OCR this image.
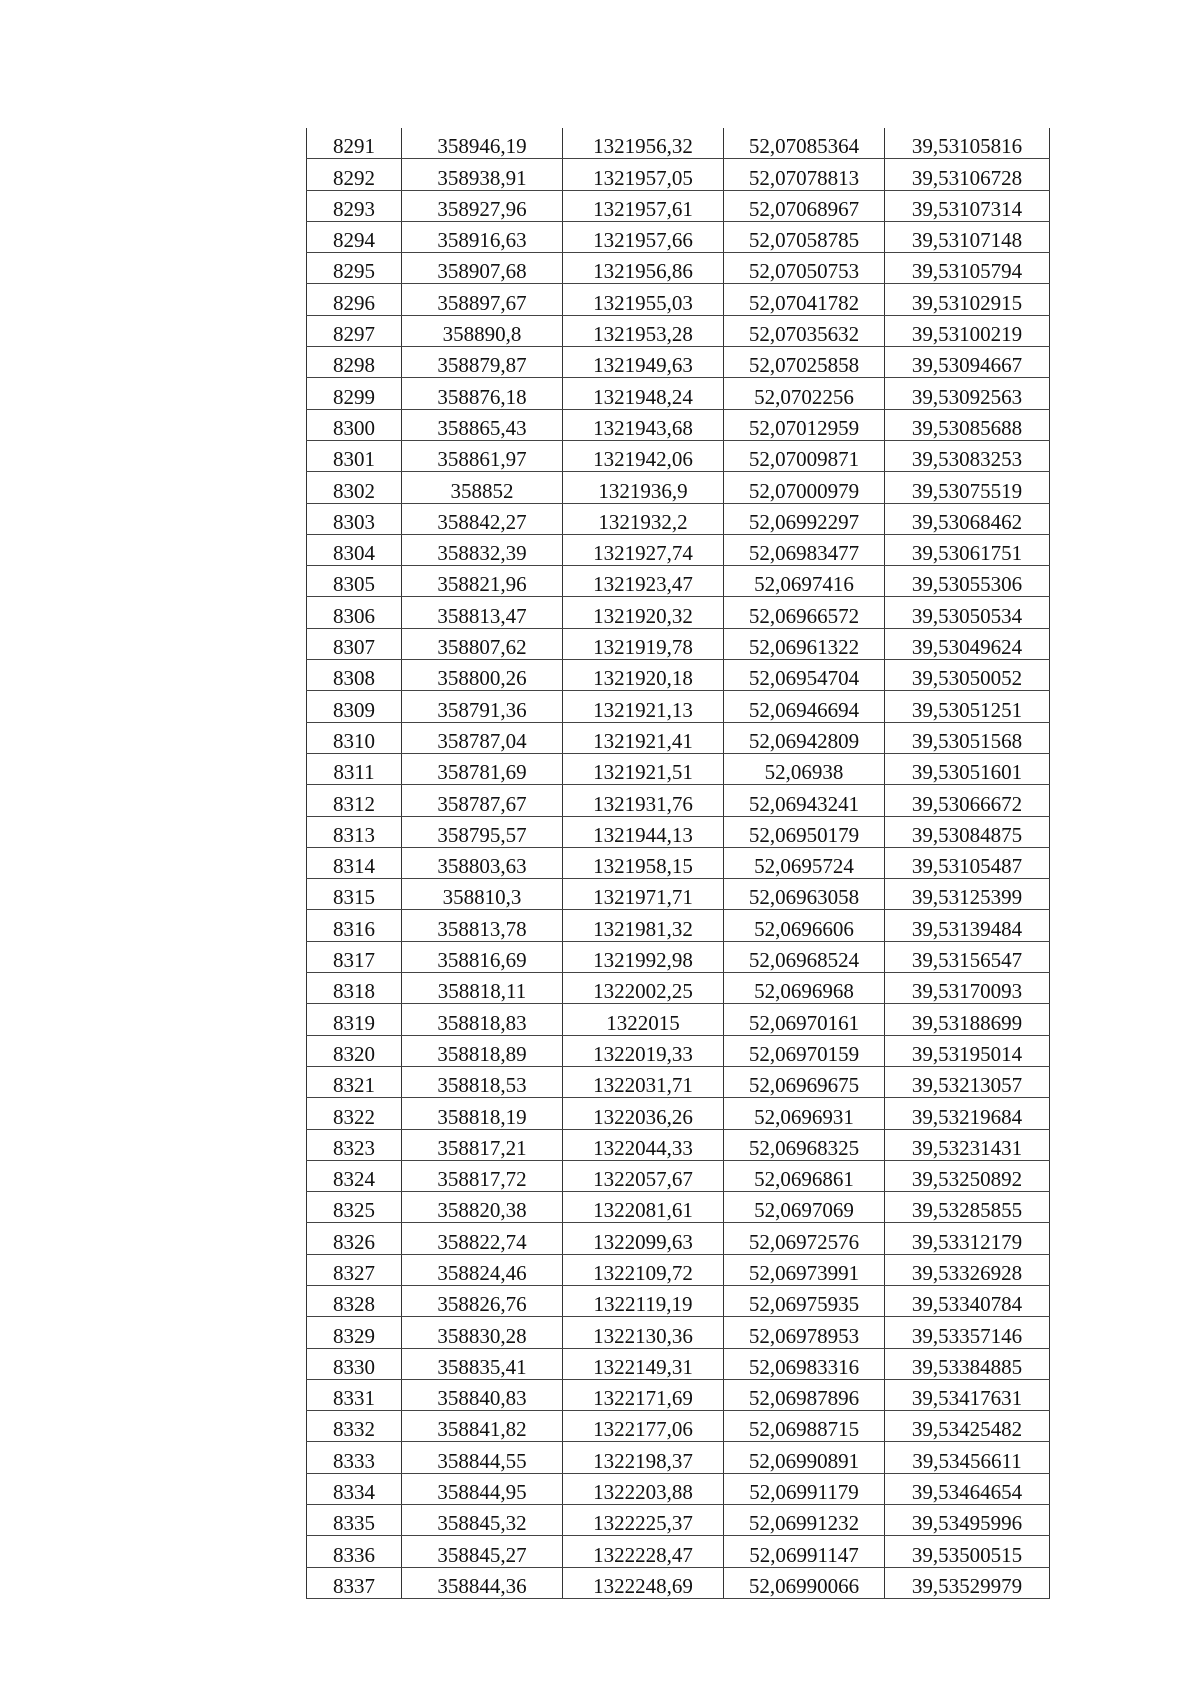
8291	358946,19	1321956,32	52,07085364	39,53105816
8292	358938,91	1321957,05	52,07078813	39,53106728
8293	358927,96	1321957,61	52,07068967	39,53107314
8294	358916,63	1321957,66	52,07058785	39,53107148
8295	358907,68	1321956,86	52,07050753	39,53105794
8296	358897,67	1321955,03	52,07041782	39,53102915
8297	358890,8	1321953,28	52,07035632	39,53100219
8298	358879,87	1321949,63	52,07025858	39,53094667
8299	358876,18	1321948,24	52,0702256	39,53092563
8300	358865,43	1321943,68	52,07012959	39,53085688
8301	358861,97	1321942,06	52,07009871	39,53083253
8302	358852	1321936,9	52,07000979	39,53075519
8303	358842,27	1321932,2	52,06992297	39,53068462
8304	358832,39	1321927,74	52,06983477	39,53061751
8305	358821,96	1321923,47	52,0697416	39,53055306
8306	358813,47	1321920,32	52,06966572	39,53050534
8307	358807,62	1321919,78	52,06961322	39,53049624
8308	358800,26	1321920,18	52,06954704	39,53050052
8309	358791,36	1321921,13	52,06946694	39,53051251
8310	358787,04	1321921,41	52,06942809	39,53051568
8311	358781,69	1321921,51	52,06938	39,53051601
8312	358787,67	1321931,76	52,06943241	39,53066672
8313	358795,57	1321944,13	52,06950179	39,53084875
8314	358803,63	1321958,15	52,0695724	39,53105487
8315	358810,3	1321971,71	52,06963058	39,53125399
8316	358813,78	1321981,32	52,0696606	39,53139484
8317	358816,69	1321992,98	52,06968524	39,53156547
8318	358818,11	1322002,25	52,0696968	39,53170093
8319	358818,83	1322015	52,06970161	39,53188699
8320	358818,89	1322019,33	52,06970159	39,53195014
8321	358818,53	1322031,71	52,06969675	39,53213057
8322	358818,19	1322036,26	52,0696931	39,53219684
8323	358817,21	1322044,33	52,06968325	39,53231431
8324	358817,72	1322057,67	52,0696861	39,53250892
8325	358820,38	1322081,61	52,0697069	39,53285855
8326	358822,74	1322099,63	52,06972576	39,53312179
8327	358824,46	1322109,72	52,06973991	39,53326928
8328	358826,76	1322119,19	52,06975935	39,53340784
8329	358830,28	1322130,36	52,06978953	39,53357146
8330	358835,41	1322149,31	52,06983316	39,53384885
8331	358840,83	1322171,69	52,06987896	39,53417631
8332	358841,82	1322177,06	52,06988715	39,53425482
8333	358844,55	1322198,37	52,06990891	39,53456611
8334	358844,95	1322203,88	52,06991179	39,53464654
8335	358845,32	1322225,37	52,06991232	39,53495996
8336	358845,27	1322228,47	52,06991147	39,53500515
8337	358844,36	1322248,69	52,06990066	39,53529979
